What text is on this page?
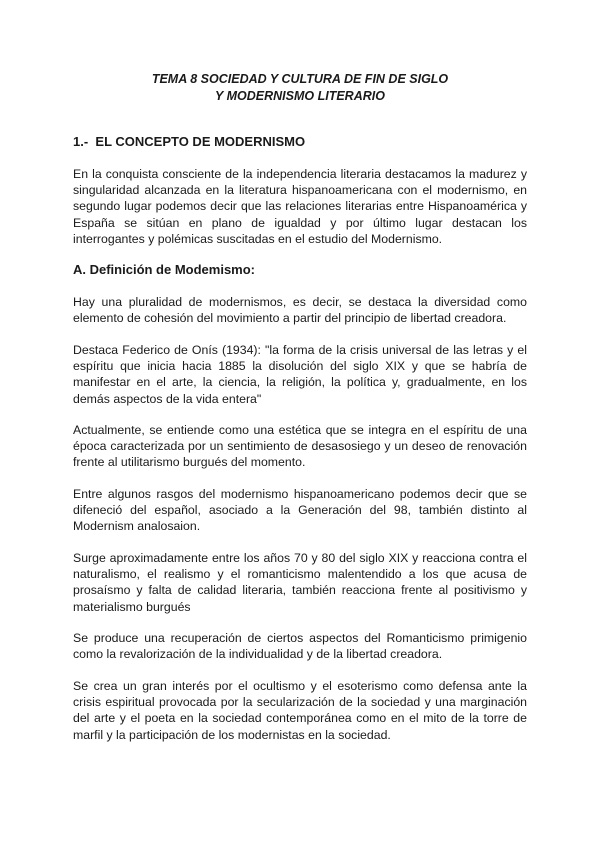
TEMA 8 SOCIEDAD Y CULTURA DE FIN DE SIGLO
Y MODERNISMO LITERARIO
1.-  EL CONCEPTO DE MODERNISMO

En la conquista consciente de la independencia literaria destacamos la madurez y singularidad alcanzada en la literatura hispanoamericana con el modernismo, en segundo lugar podemos decir que las relaciones literarias entre Hispanoamérica y España se sitúan en plano de igualdad y por último lugar destacan los interrogantes y polémicas suscitadas en el estudio del Modernismo.

A. Definición de Modemismo:

Hay una pluralidad de modernismos, es decir, se destaca la diversidad como elemento de cohesión del movimiento a partir del principio de libertad creadora.

Destaca Federico de Onís (1934): "la forma de la crisis universal de las letras y el espíritu que inicia hacia 1885 la disolución del siglo XIX y que se habría de manifestar en el arte, la ciencia, la religión, la política y, gradualmente, en los demás aspectos de la vida entera"

Actualmente, se entiende como una estética que se integra en el espíritu de una época caracterizada por un sentimiento de desasosiego y un deseo de renovación frente al utilitarismo burgués del momento.

Entre algunos rasgos del modernismo hispanoamericano podemos decir que se difeneció del español, asociado a la Generación del 98, también distinto al Modernism analosaion.

Surge aproximadamente entre los años 70 y 80 del siglo XIX y reacciona contra el naturalismo, el realismo y el romanticismo malentendido a los que acusa de prosaísmo y falta de calidad literaria, también reacciona frente al positivismo y materialismo burgués

Se produce una recuperación de ciertos aspectos del Romanticismo primigenio como la revalorización de la individualidad y de la libertad creadora.

Se crea un gran interés por el ocultismo y el esoterismo como defensa ante la crisis espiritual provocada por la secularización de la sociedad y una marginación del arte y el poeta en la sociedad contemporánea como en el mito de la torre de marfil y la participación de los modernistas en la sociedad.
